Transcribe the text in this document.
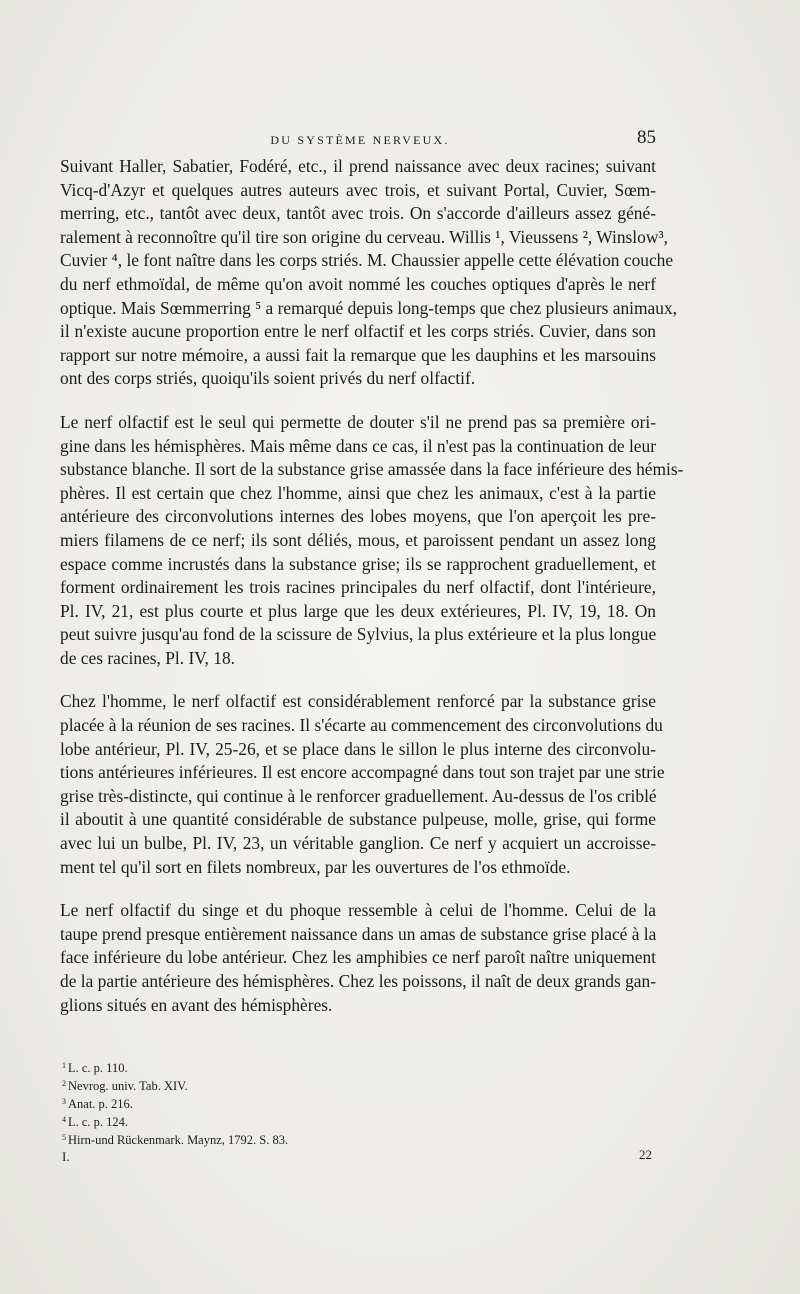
DU SYSTÈME NERVEUX.	85

Suivant Haller, Sabatier, Fodéré, etc., il prend naissance avec deux racines; suivant
Vicq-d'Azyr et quelques autres auteurs avec trois, et suivant Portal, Cuvier, Sœm-
merring, etc., tantôt avec deux, tantôt avec trois. On s'accorde d'ailleurs assez géné-
ralement à reconnoître qu'il tire son origine du cerveau. Willis ¹, Vieussens ², Winslow³,
Cuvier ⁴, le font naître dans les corps striés. M. Chaussier appelle cette élévation couche
du nerf ethmoïdal, de même qu'on avoit nommé les couches optiques d'après le nerf
optique. Mais Sœmmerring ⁵ a remarqué depuis long-temps que chez plusieurs animaux,
il n'existe aucune proportion entre le nerf olfactif et les corps striés. Cuvier, dans son
rapport sur notre mémoire, a aussi fait la remarque que les dauphins et les marsouins
ont des corps striés, quoiqu'ils soient privés du nerf olfactif.

Le nerf olfactif est le seul qui permette de douter s'il ne prend pas sa première ori-
gine dans les hémisphères. Mais même dans ce cas, il n'est pas la continuation de leur
substance blanche. Il sort de la substance grise amassée dans la face inférieure des hémis-
phères. Il est certain que chez l'homme, ainsi que chez les animaux, c'est à la partie
antérieure des circonvolutions internes des lobes moyens, que l'on aperçoit les pre-
miers filamens de ce nerf; ils sont déliés, mous, et paroissent pendant un assez long
espace comme incrustés dans la substance grise; ils se rapprochent graduellement, et
forment ordinairement les trois racines principales du nerf olfactif, dont l'intérieure,
Pl. IV, 21, est plus courte et plus large que les deux extérieures, Pl. IV, 19, 18. On
peut suivre jusqu'au fond de la scissure de Sylvius, la plus extérieure et la plus longue
de ces racines, Pl. IV, 18.

Chez l'homme, le nerf olfactif est considérablement renforcé par la substance grise
placée à la réunion de ses racines. Il s'écarte au commencement des circonvolutions du
lobe antérieur, Pl. IV, 25-26, et se place dans le sillon le plus interne des circonvolu-
tions antérieures inférieures. Il est encore accompagné dans tout son trajet par une strie
grise très-distincte, qui continue à le renforcer graduellement. Au-dessus de l'os criblé
il aboutit à une quantité considérable de substance pulpeuse, molle, grise, qui forme
avec lui un bulbe, Pl. IV, 23, un véritable ganglion. Ce nerf y acquiert un accroisse-
ment tel qu'il sort en filets nombreux, par les ouvertures de l'os ethmoïde.

Le nerf olfactif du singe et du phoque ressemble à celui de l'homme. Celui de la
taupe prend presque entièrement naissance dans un amas de substance grise placé à la
face inférieure du lobe antérieur. Chez les amphibies ce nerf paroît naître uniquement
de la partie antérieure des hémisphères. Chez les poissons, il naît de deux grands gan-
glions situés en avant des hémisphères.

$^1$ L. c. p. 110.
$^2$ Nevrog. univ. Tab. XIV.
$^3$ Anat. p. 216.
$^4$ L. c. p. 124.
$^5$ Hirn-und Rückenmark. Maynz, 1792. S. 83.
I.	22
